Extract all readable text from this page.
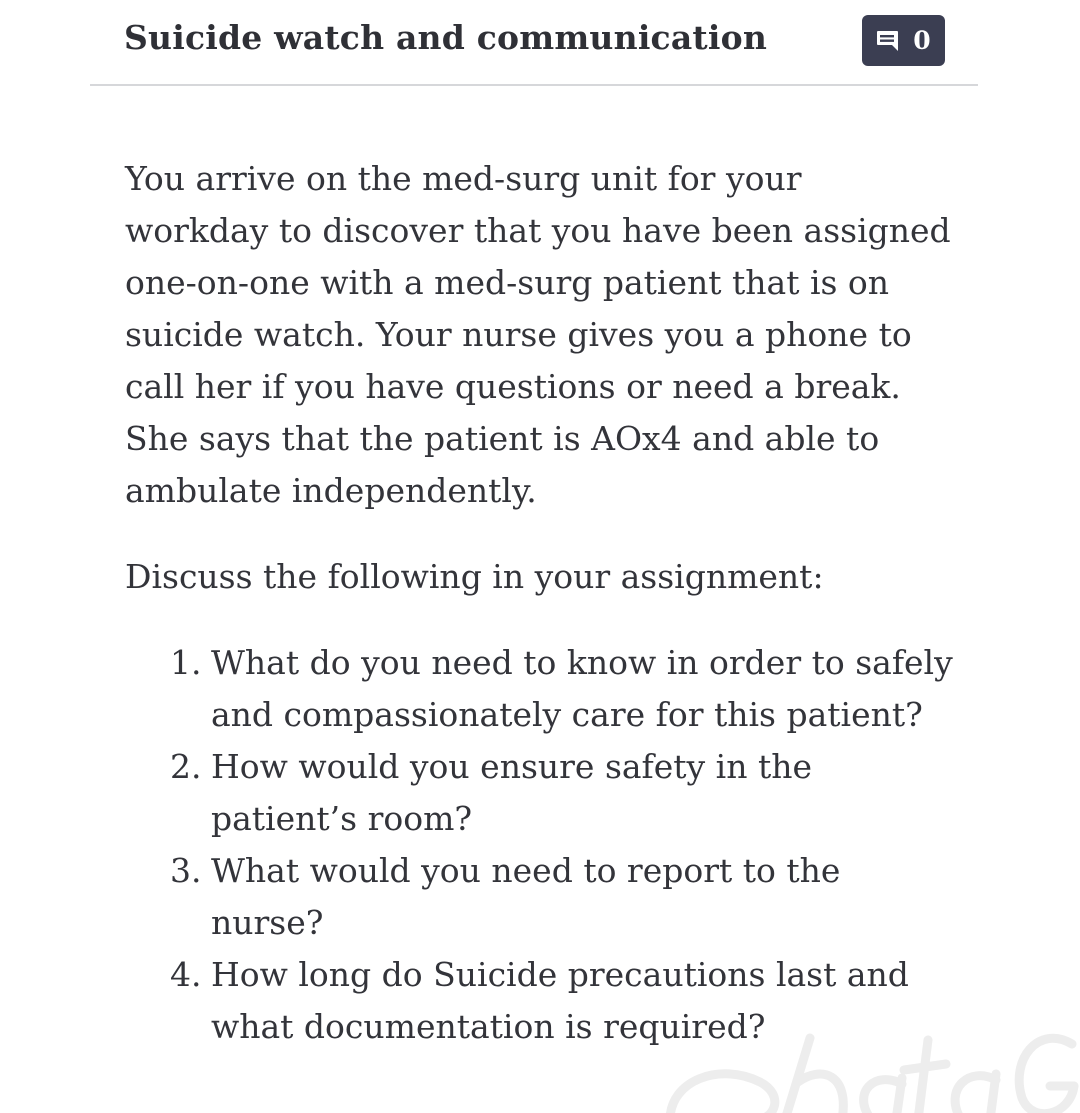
Suicide watch and communication	0

You arrive on the med-surg unit for your workday to discover that you have been assigned one-on-one with a med-surg patient that is on suicide watch. Your nurse gives you a phone to call her if you have questions or need a break. She says that the patient is AOx4 and able to ambulate independently.

Discuss the following in your assignment:

1. What do you need to know in order to safely and compassionately care for this patient?
2. How would you ensure safety in the patient’s room?
3. What would you need to report to the nurse?
4. How long do Suicide precautions last and what documentation is required?
